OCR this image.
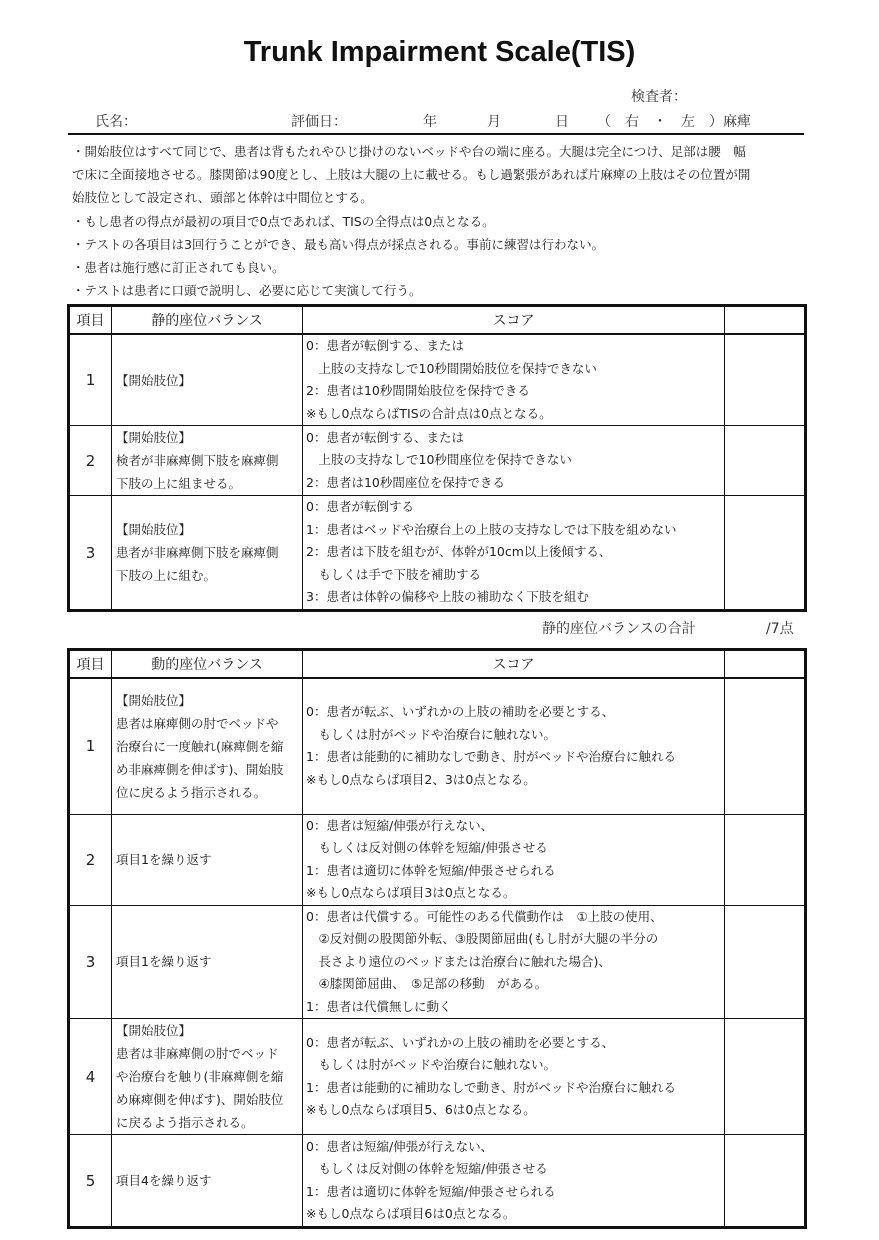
Trunk Impairment Scale(TIS)
検査者：
氏名：	評価日：	年	月	日 （　右　・　左　）麻痺

・開始肢位はすべて同じで、患者は背もたれやひじ掛けのないベッドや台の端に座る。大腿は完全につけ、足部は腰　幅

で床に全面接地させる。膝関節は90度とし、上肢は大腿の上に載せる。もし過緊張があれば片麻痺の上肢はその位置が開

始肢位として設定され、頭部と体幹は中間位とする。

・もし患者の得点が最初の項目で0点であれば、TISの全得点は0点となる。

・テストの各項目は3回行うことができ、最も高い得点が採点される。事前に練習は行わない。

・患者は施行感に訂正されても良い。

・テストは患者に口頭で説明し、必要に応じて実演して行う。

項目	静的座位バランス	スコア	
1	【開始肢位】	0：患者が転倒する、または
　上肢の支持なしで10秒間開始肢位を保持できない
2：患者は10秒間開始肢位を保持できる
※もし0点ならばTISの合計点は0点となる。	

2	【開始肢位】
検者が非麻痺側下肢を麻痺側
下肢の上に組ませる。	0：患者が転倒する、または
　上肢の支持なしで10秒間座位を保持できない
2：患者は10秒間座位を保持できる	

3	【開始肢位】
患者が非麻痺側下肢を麻痺側
下肢の上に組む。	0：患者が転倒する
1：患者はベッドや治療台上の上肢の支持なしでは下肢を組めない
2：患者は下肢を組むが、体幹が10cm以上後傾する、
　もしくは手で下肢を補助する
3：患者は体幹の偏移や上肢の補助なく下肢を組む	

静的座位バランスの合計	/7点
項目	動的座位バランス	スコア	
1	【開始肢位】
患者は麻痺側の肘でベッドや
治療台に一度触れ(麻痺側を縮
め非麻痺側を伸ばす)、開始肢
位に戻るよう指示される。	0：患者が転ぶ、いずれかの上肢の補助を必要とする、
　もしくは肘がベッドや治療台に触れない。
1：患者は能動的に補助なしで動き、肘がベッドや治療台に触れる
※もし0点ならば項目2、3は0点となる。	

2	項目1を繰り返す	0：患者は短縮/伸張が行えない、
　もしくは反対側の体幹を短縮/伸張させる
1：患者は適切に体幹を短縮/伸張させられる
※もし0点ならば項目3は0点となる。	

3	項目1を繰り返す	0：患者は代償する。可能性のある代償動作は　①上肢の使用、
　②反対側の股関節外転、③股関節屈曲(もし肘が大腿の半分の
　長さより遠位のベッドまたは治療台に触れた場合)、
　④膝関節屈曲、　⑤足部の移動　がある。
1：患者は代償無しに動く	

4	【開始肢位】
患者は非麻痺側の肘でベッド
や治療台を触り(非麻痺側を縮
め麻痺側を伸ばす)、開始肢位
に戻るよう指示される。	0：患者が転ぶ、いずれかの上肢の補助を必要とする、
　もしくは肘がベッドや治療台に触れない。
1：患者は能動的に補助なしで動き、肘がベッドや治療台に触れる
※もし0点ならば項目5、6は0点となる。	

5	項目4を繰り返す	0：患者は短縮/伸張が行えない、
　もしくは反対側の体幹を短縮/伸張させる
1：患者は適切に体幹を短縮/伸張させられる
※もし0点ならば項目6は0点となる。	
